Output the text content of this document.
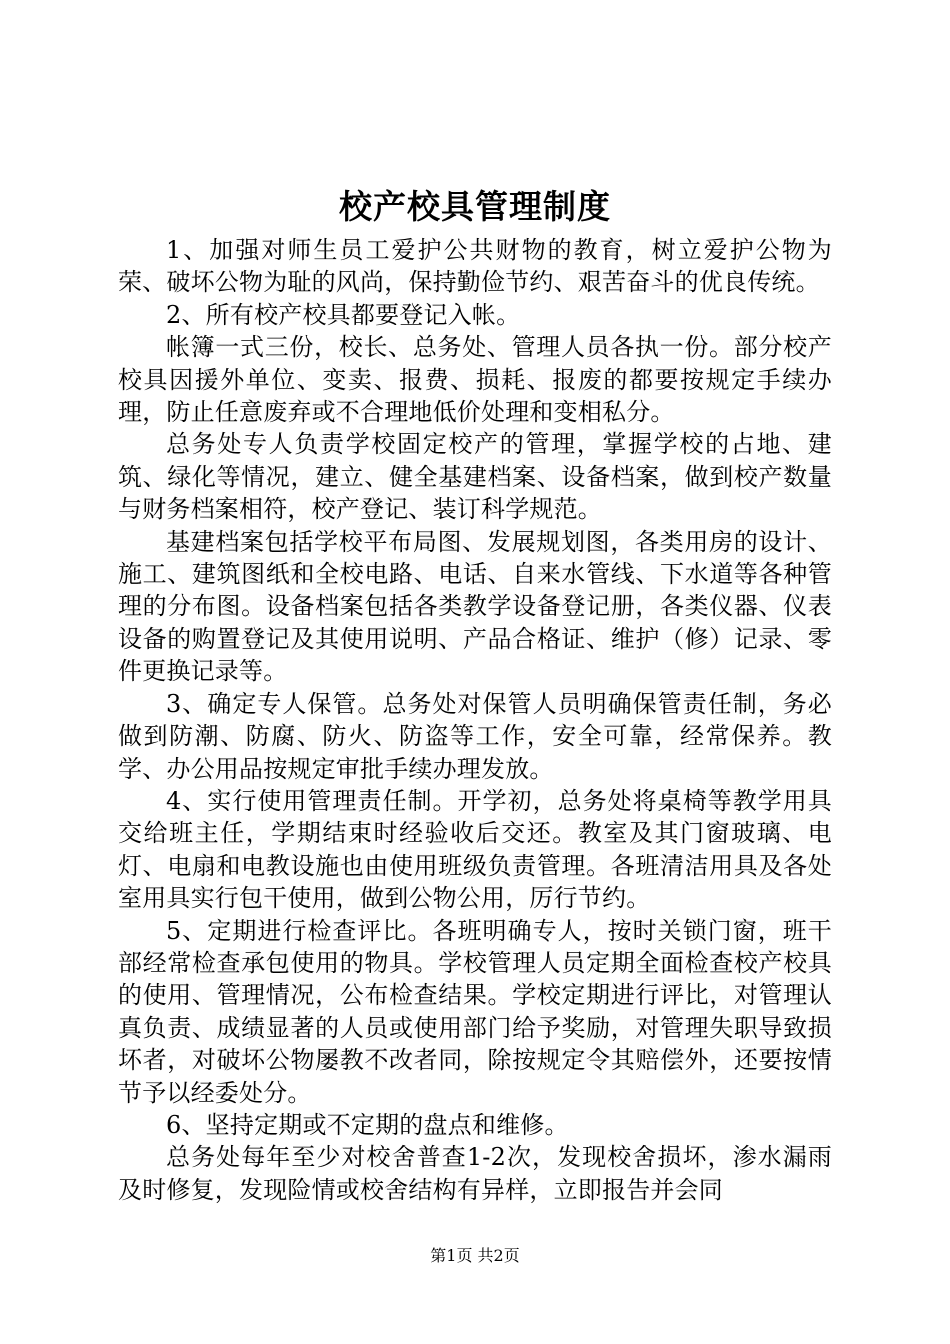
校产校具管理制度

1、加强对师生员工爱护公共财物的教育，树立爱护公物为荣、破坏公物为耻的风尚，保持勤俭节约、艰苦奋斗的优良传统。

2、所有校产校具都要登记入帐。

帐簿一式三份，校长、总务处、管理人员各执一份。部分校产校具因援外单位、变卖、报费、损耗、报废的都要按规定手续办理，防止任意废弃或不合理地低价处理和变相私分。

总务处专人负责学校固定校产的管理，掌握学校的占地、建筑、绿化等情况，建立、健全基建档案、设备档案，做到校产数量与财务档案相符，校产登记、装订科学规范。

基建档案包括学校平布局图、发展规划图，各类用房的设计、施工、建筑图纸和全校电路、电话、自来水管线、下水道等各种管理的分布图。设备档案包括各类教学设备登记册，各类仪器、仪表设备的购置登记及其使用说明、产品合格证、维护（修）记录、零件更换记录等。

3、确定专人保管。总务处对保管人员明确保管责任制，务必做到防潮、防腐、防火、防盗等工作，安全可靠，经常保养。教学、办公用品按规定审批手续办理发放。

4、实行使用管理责任制。开学初，总务处将桌椅等教学用具交给班主任，学期结束时经验收后交还。教室及其门窗玻璃、电灯、电扇和电教设施也由使用班级负责管理。各班清洁用具及各处室用具实行包干使用，做到公物公用，厉行节约。

5、定期进行检查评比。各班明确专人，按时关锁门窗，班干部经常检查承包使用的物具。学校管理人员定期全面检查校产校具的使用、管理情况，公布检查结果。学校定期进行评比，对管理认真负责、成绩显著的人员或使用部门给予奖励，对管理失职导致损坏者，对破坏公物屡教不改者同，除按规定令其赔偿外，还要按情节予以经委处分。

6、坚持定期或不定期的盘点和维修。

总务处每年至少对校舍普查1-2次，发现校舍损坏，渗水漏雨及时修复，发现险情或校舍结构有异样，立即报告并会同

第1页 共2页
